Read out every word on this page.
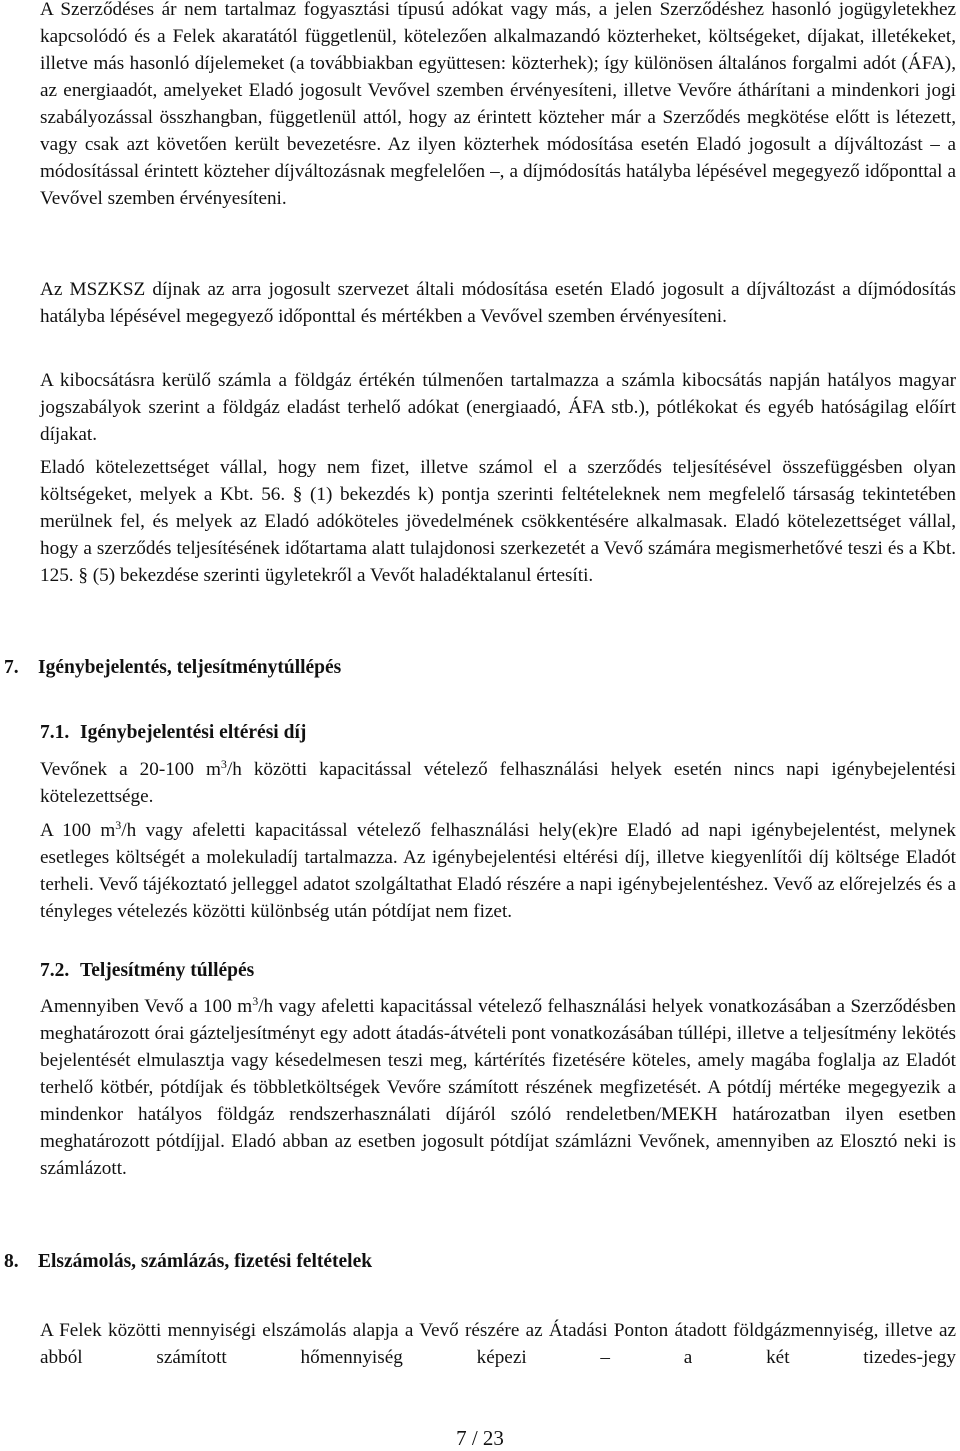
A Szerződéses ár nem tartalmaz fogyasztási típusú adókat vagy más, a jelen Szerződéshez hasonló jogügyletekhez kapcsolódó és a Felek akaratától függetlenül, kötelezően alkalmazandó közterheket, költségeket, díjakat, illetékeket, illetve más hasonló díjelemeket (a továbbiakban együttesen: közterhek); így különösen általános forgalmi adót (ÁFA), az energiaadót, amelyeket Eladó jogosult Vevővel szemben érvényesíteni, illetve Vevőre áthárítani a mindenkori jogi szabályozással összhangban, függetlenül attól, hogy az érintett közteher már a Szerződés megkötése előtt is létezett, vagy csak azt követően került bevezetésre. Az ilyen közterhek módosítása esetén Eladó jogosult a díjváltozást – a módosítással érintett közteher díjváltozásnak megfelelően –, a díjmódosítás hatályba lépésével megegyező időponttal a Vevővel szemben érvényesíteni.

Az MSZKSZ díjnak az arra jogosult szervezet általi módosítása esetén Eladó jogosult a díjváltozást a díjmódosítás hatályba lépésével megegyező időponttal és mértékben a Vevővel szemben érvényesíteni.

A kibocsátásra kerülő számla a földgáz értékén túlmenően tartalmazza a számla kibocsátás napján hatályos magyar jogszabályok szerint a földgáz eladást terhelő adókat (energiaadó, ÁFA stb.), pótlékokat és egyéb hatóságilag előírt díjakat.

Eladó kötelezettséget vállal, hogy nem fizet, illetve számol el a szerződés teljesítésével összefüggésben olyan költségeket, melyek a Kbt. 56. § (1) bekezdés k) pontja szerinti feltételeknek nem megfelelő társaság tekintetében merülnek fel, és melyek az Eladó adóköteles jövedelmének csökkentésére alkalmasak. Eladó kötelezettséget vállal, hogy a szerződés teljesítésének időtartama alatt tulajdonosi szerkezetét a Vevő számára megismerhetővé teszi és a Kbt. 125. § (5) bekezdése szerinti ügyletekről a Vevőt haladéktalanul értesíti.

7. Igénybejelentés, teljesítménytúllépés
7.1. Igénybejelentési eltérési díj

Vevőnek a 20-100 $m^3/h$ közötti kapacitással vételező felhasználási helyek esetén nincs napi igénybejelentési kötelezettsége.

A 100 $m^3/h$ vagy afeletti kapacitással vételező felhasználási hely(ek)re Eladó ad napi igénybejelentést, melynek esetleges költségét a molekuladíj tartalmazza. Az igénybejelentési eltérési díj, illetve kiegyenlítői díj költsége Eladót terheli. Vevő tájékoztató jelleggel adatot szolgáltathat Eladó részére a napi igénybejelentéshez. Vevő az előrejelzés és a tényleges vételezés közötti különbség után pótdíjat nem fizet.

7.2. Teljesítmény túllépés

Amennyiben Vevő a 100 $m^3/h$ vagy afeletti kapacitással vételező felhasználási helyek vonatkozásában a Szerződésben meghatározott órai gázteljesítményt egy adott átadás-átvételi pont vonatkozásában túllépi, illetve a teljesítmény lekötés bejelentését elmulasztja vagy késedelmesen teszi meg, kártérítés fizetésére köteles, amely magába foglalja az Eladót terhelő kötbér, pótdíjak és többletköltségek Vevőre számított részének megfizetését. A pótdíj mértéke megegyezik a mindenkor hatályos földgáz rendszerhasználati díjáról szóló rendeletben/MEKH határozatban ilyen esetben meghatározott pótdíjjal. Eladó abban az esetben jogosult pótdíjat számlázni Vevőnek, amennyiben az Elosztó neki is számlázott.

8. Elszámolás, számlázás, fizetési feltételek

A Felek közötti mennyiségi elszámolás alapja a Vevő részére az Átadási Ponton átadott földgázmennyiség, illetve az abból számított hőmennyiség képezi – a két tizedes-jegy

7 / 23
